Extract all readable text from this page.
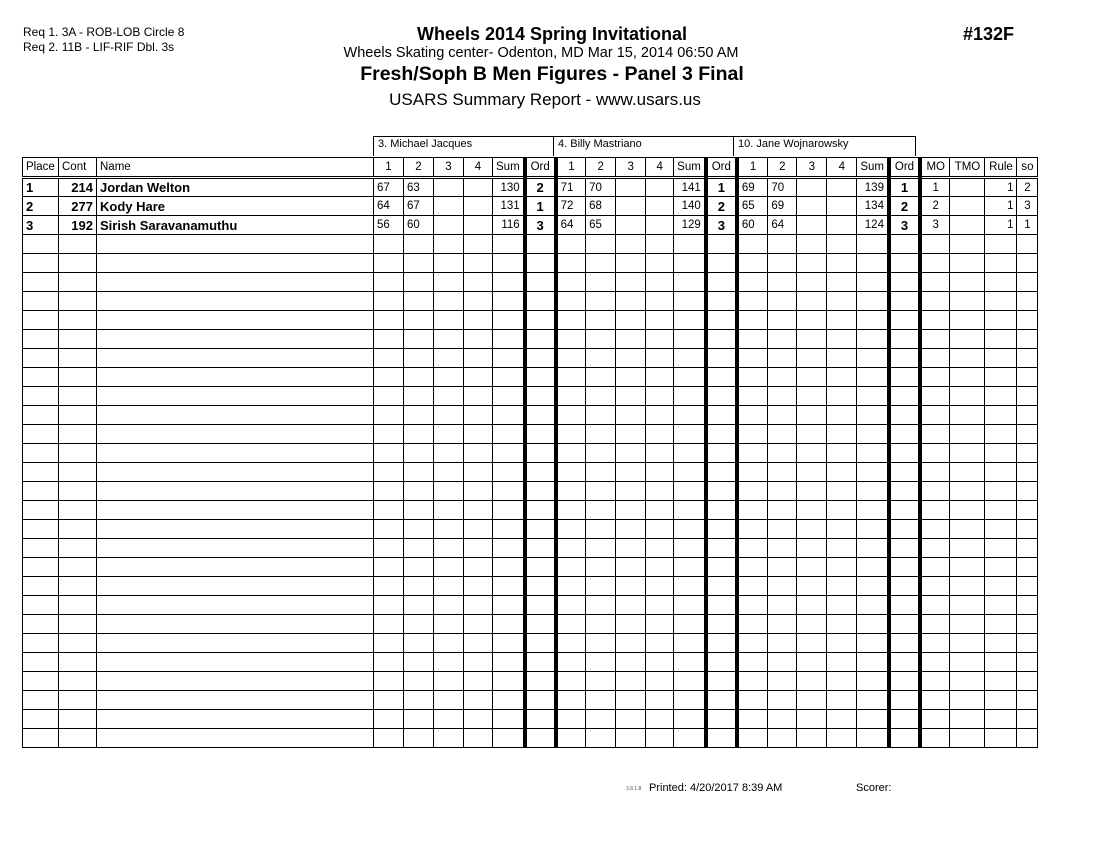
Req 1. 3A - ROB-LOB Circle 8
Req 2. 11B - LIF-RIF Dbl. 3s
Wheels 2014 Spring Invitational
Wheels Skating center- Odenton, MD Mar 15, 2014 06:50 AM
Fresh/Soph B Men Figures - Panel 3 Final
USARS Summary Report - www.usars.us
#132F
3. Michael Jacques	4. Billy Mastriano	10. Jane Wojnarowsky
Place	Cont	Name	1	2	3	4	Sum	Ord	1	2	3	4	Sum	Ord	1	2	3	4	Sum	Ord	MO	TMO	Rule	so
1	214	Jordan Welton	67	63			130	2	71	70			141	1	69	70			139	1	1		1	2
2	277	Kody Hare	64	67			131	1	72	68			140	2	65	69			134	2	2		1	3
3	192	Sirish Saravanamuthu	56	60			116	3	64	65			129	3	60	64			124	3	3		1	1

3.8.1.8 Printed: 4/20/2017 8:39 AM	Scorer:
